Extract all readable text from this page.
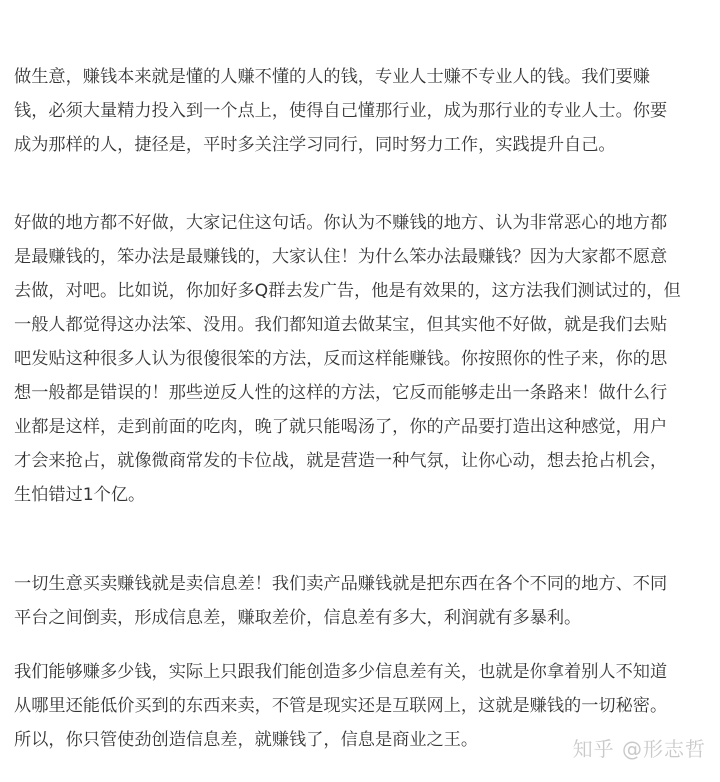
做生意，赚钱本来就是懂的人赚不懂的人的钱，专业人士赚不专业人的钱。我们要赚
钱，必须大量精力投入到一个点上，使得自己懂那行业，成为那行业的专业人士。你要
成为那样的人，捷径是，平时多关注学习同行，同时努力工作，实践提升自己。

好做的地方都不好做，大家记住这句话。你认为不赚钱的地方、认为非常恶心的地方都
是最赚钱的，笨办法是最赚钱的，大家认住！为什么笨办法最赚钱？因为大家都不愿意
去做，对吧。比如说，你加好多Q群去发广告，他是有效果的，这方法我们测试过的，但
一般人都觉得这办法笨、没用。我们都知道去做某宝，但其实他不好做，就是我们去贴
吧发贴这种很多人认为很傻很笨的方法，反而这样能赚钱。你按照你的性子来，你的思
想一般都是错误的！那些逆反人性的这样的方法，它反而能够走出一条路来！做什么行
业都是这样，走到前面的吃肉，晚了就只能喝汤了，你的产品要打造出这种感觉，用户
才会来抢占，就像微商常发的卡位战，就是营造一种气氛，让你心动，想去抢占机会，
生怕错过1个亿。

一切生意买卖赚钱就是卖信息差！我们卖产品赚钱就是把东西在各个不同的地方、不同
平台之间倒卖，形成信息差，赚取差价，信息差有多大，利润就有多暴利。

我们能够赚多少钱，实际上只跟我们能创造多少信息差有关，也就是你拿着别人不知道
从哪里还能低价买到的东西来卖，不管是现实还是互联网上，这就是赚钱的一切秘密。
所以，你只管使劲创造信息差，就赚钱了，信息是商业之王。	知乎 @形志哲
